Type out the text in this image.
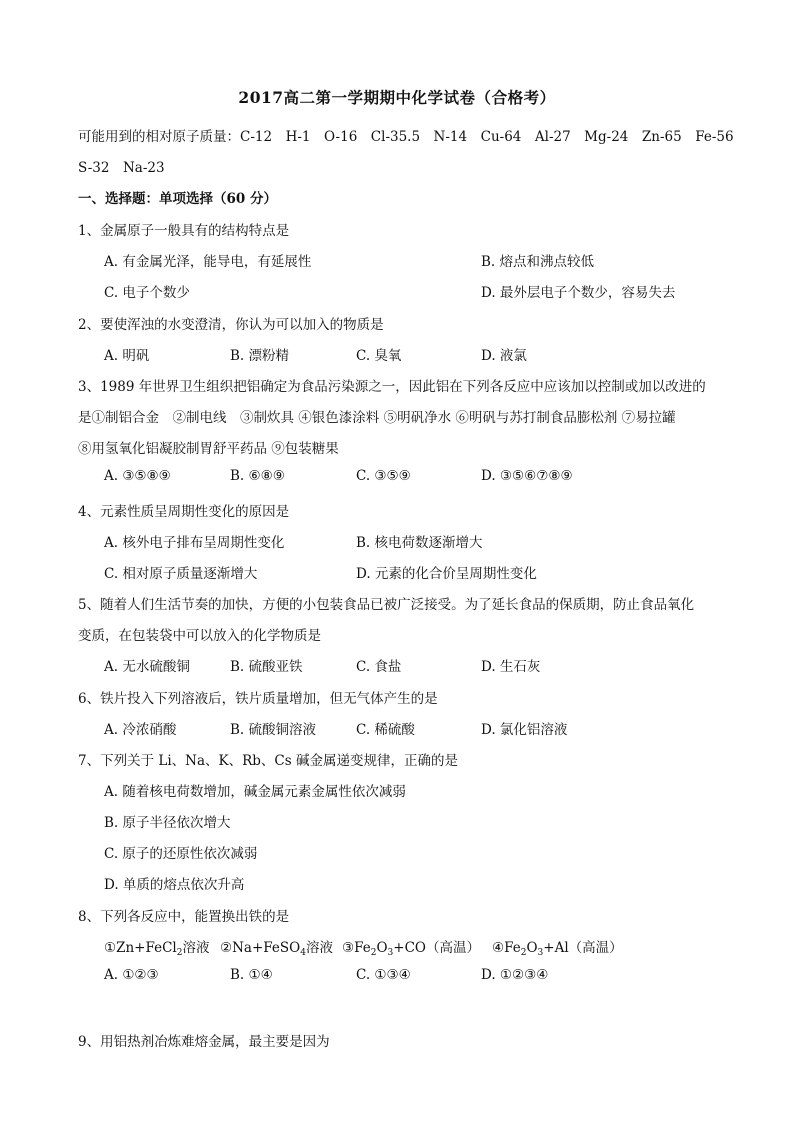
2017高二第一学期期中化学试卷（合格考）
可能用到的相对原子质量：C-12　H-1　O-16　Cl-35.5　N-14　Cu-64　Al-27　Mg-24　Zn-65　Fe-56
S-32　Na-23
一、选择题：单项选择（60 分）
1、金属原子一般具有的结构特点是
A. 有金属光泽，能导电，有延展性	B. 熔点和沸点较低
C. 电子个数少	D. 最外层电子个数少，容易失去
2、要使浑浊的水变澄清，你认为可以加入的物质是
A. 明矾	B. 漂粉精	C. 臭氧	D. 液氯
3、1989 年世界卫生组织把铝确定为食品污染源之一，因此铝在下列各反应中应该加以控制或加以改进的
是①制铝合金　②制电线　③制炊具 ④银色漆涂料 ⑤明矾净水 ⑥明矾与苏打制食品膨松剂 ⑦易拉罐
⑧用氢氧化铝凝胶制胃舒平药品 ⑨包装糖果
A. ③⑤⑧⑨	B. ⑥⑧⑨	C. ③⑤⑨	D. ③⑤⑥⑦⑧⑨
4、元素性质呈周期性变化的原因是
A. 核外电子排布呈周期性变化	B. 核电荷数逐渐增大
C. 相对原子质量逐渐增大	D. 元素的化合价呈周期性变化
5、随着人们生活节奏的加快，方便的小包装食品已被广泛接受。为了延长食品的保质期，防止食品氧化
变质，在包装袋中可以放入的化学物质是
A. 无水硫酸铜	B. 硫酸亚铁	C. 食盐	D. 生石灰
6、铁片投入下列溶液后，铁片质量增加，但无气体产生的是
A. 冷浓硝酸	B. 硫酸铜溶液	C. 稀硫酸	D. 氯化铝溶液
7、下列关于 Li、Na、K、Rb、Cs 碱金属递变规律，正确的是
A. 随着核电荷数增加，碱金属元素金属性依次减弱
B. 原子半径依次增大
C. 原子的还原性依次减弱
D. 单质的熔点依次升高
8、下列各反应中，能置换出铁的是
①Zn+FeCl$_2$溶液 ②Na+FeSO$_4$溶液 $③Fe_2O_3+CO$（高温） $④Fe_2O_3+Al$（高温）
A. ①②③	B. ①④	C. ①③④	D. ①②③④
9、用铝热剂冶炼难熔金属，最主要是因为
